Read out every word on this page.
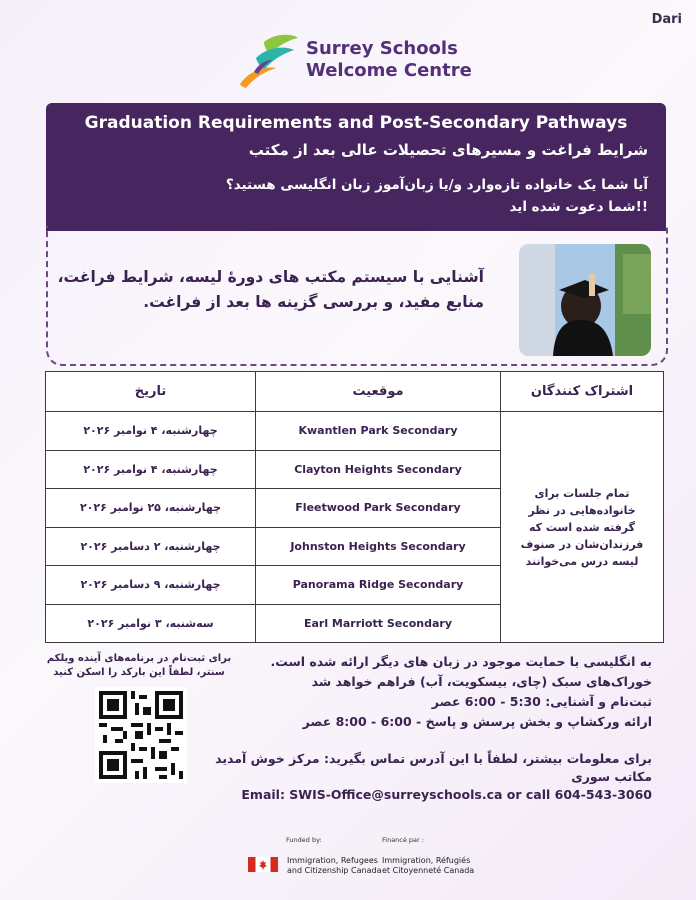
Dari
Surrey Schools
Welcome Centre
Graduation Requirements and Post-Secondary Pathways
شرایط فراغت و مسیرهای تحصیلات عالی بعد از مکتب
آیا شما یک خانواده تازه‌وارد و/یا زبان‌آموز زبان انگلیسی هستید؟
!!شما دعوت شده اید
آشنایی با سیستم مکتب های دورهٔ لیسه، شرایط فراغت، منابع مفید، و بررسی گزینه ها بعد از فراغت.
تاریخ	موقعیت	اشتراک کنندگان
چهارشنبه، ۴ نوامبر ۲۰۲۶	Kwantlen Park Secondary	تمام جلسات برای خانواده‌هایی در نظر گرفته شده است که فرزندان‌شان در صنوف لیسه درس می‌خوانند
چهارشنبه، ۴ نوامبر ۲۰۲۶	Clayton Heights Secondary	
چهارشنبه، ۲۵ نوامبر ۲۰۲۶	Fleetwood Park Secondary	
چهارشنبه، ۲ دسامبر ۲۰۲۶	Johnston Heights Secondary	
چهارشنبه، ۹ دسامبر ۲۰۲۶	Panorama Ridge Secondary	
سه‌شنبه، ۳ نوامبر ۲۰۲۶	Earl Marriott Secondary	
برای ثبت‌نام در برنامه‌های آینده ویلکم
سنتر، لطفاً این بارکد را اسکن کنید
به انگلیسی با حمایت موجود در زبان های دیگر ارائه شده است.
خوراک‌های سبک (چای، بیسکویت، آب) فراهم خواهد شد
ثبت‌نام و آشنایی: 5:30 - 6:00 عصر
ارائه ورکشاپ و بخش پرسش و پاسخ - 6:00 - 8:00 عصر
برای معلومات بیشتر، لطفاً با این آدرس تماس بگیرید: مرکز خوش آمدید مکاتب سوری
Email: SWIS-Office@surreyschools.ca or call 604-543-3060
Funded by:	Financé par :
Immigration, Refugees
and Citizenship Canada
Immigration, Réfugiés
et Citoyenneté Canada
